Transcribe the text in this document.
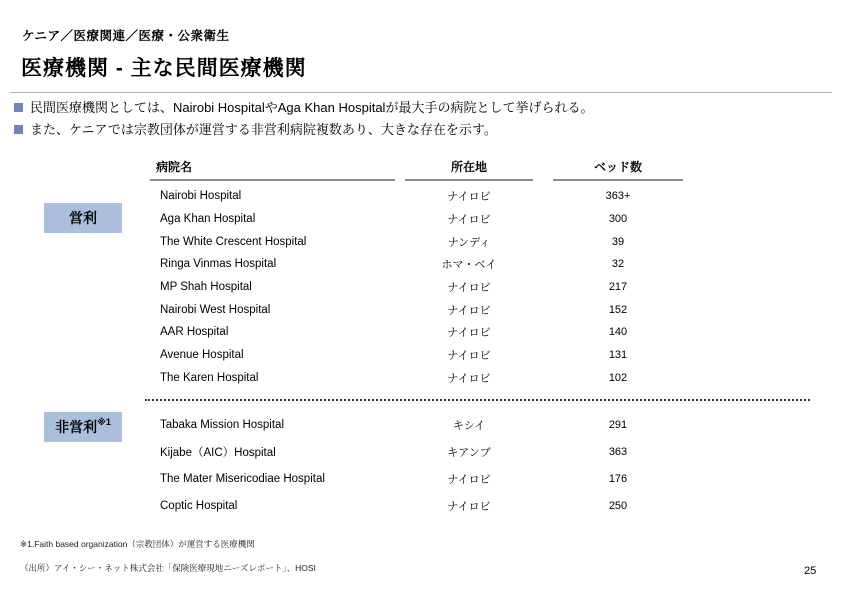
ケニア／医療関連／医療・公衆衛生
医療機関 - 主な民間医療機関
民間医療機関としては、Nairobi HospitalやAga Khan Hospitalが最大手の病院として挙げられる。
また、ケニアでは宗教団体が運営する非営利病院複数あり、大きな存在を示す。
病院名	所在地	ベッド数
Nairobi Hospital	ナイロビ	363+
Aga Khan Hospital	ナイロビ	300
The White Crescent Hospital	ナンディ	39
Ringa Vinmas Hospital	ホマ・ベイ	32
MP Shah Hospital	ナイロビ	217
Nairobi West Hospital	ナイロビ	152
AAR Hospital	ナイロビ	140
Avenue Hospital	ナイロビ	131
The Karen Hospital	ナイロビ	102
Tabaka Mission Hospital	キシイ	291
Kijabe（AIC）Hospital	キアンブ	363
The Mater Misericodiae Hospital	ナイロビ	176
Coptic Hospital	ナイロビ	250
営利
非営利 ※1
※1.Faith based organization（宗教団体）が運営する医療機関
（出所）アイ・シー・ネット株式会社「保険医療現地ニーズレポート」、HOSI	25
